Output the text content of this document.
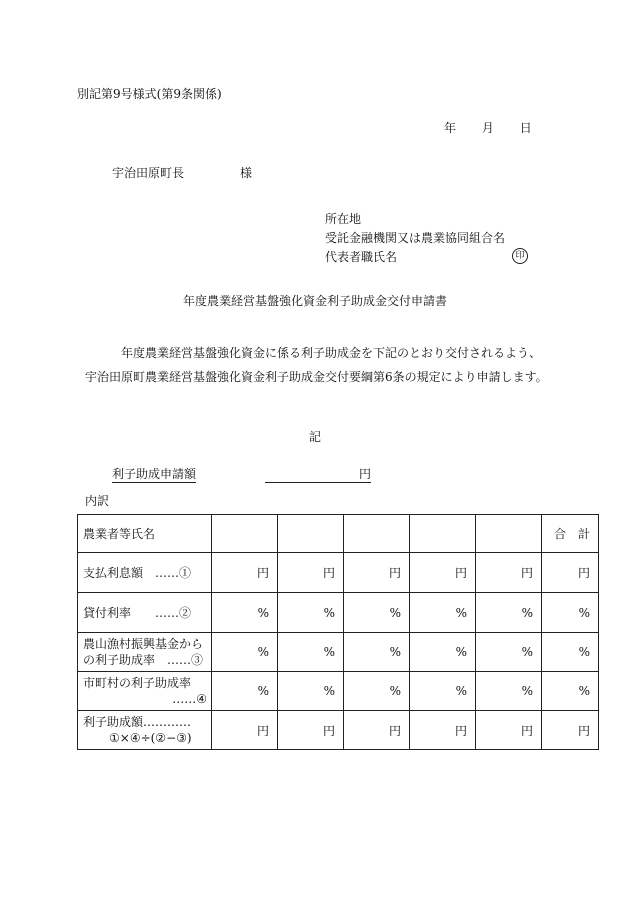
別記第9号様式(第9条関係)
年 月 日
宇治田原町長	様
所在地
受託金融機関又は農業協同組合名
代表者職氏名	印
年度農業経営基盤強化資金利子助成金交付申請書
年度農業経営基盤強化資金に係る利子助成金を下記のとおり交付されるよう、宇治田原町農業経営基盤強化資金利子助成金交付要綱第6条の規定により申請します。
記
利子助成申請額	円
内訳
農業者等氏名						合　計
支払利息額　 ……①	円	円	円	円	円	円
貸付利率　　 ……②	%	%	%	%	%	%

農山漁村振興基金から
の利子助成率　 ……③	%	%	%	%	%	%

市町村の利子助成率
……④	%	%	%	%	%	%

利子助成額…………
①×④÷(②−③)	円	円	円	円	円	円
